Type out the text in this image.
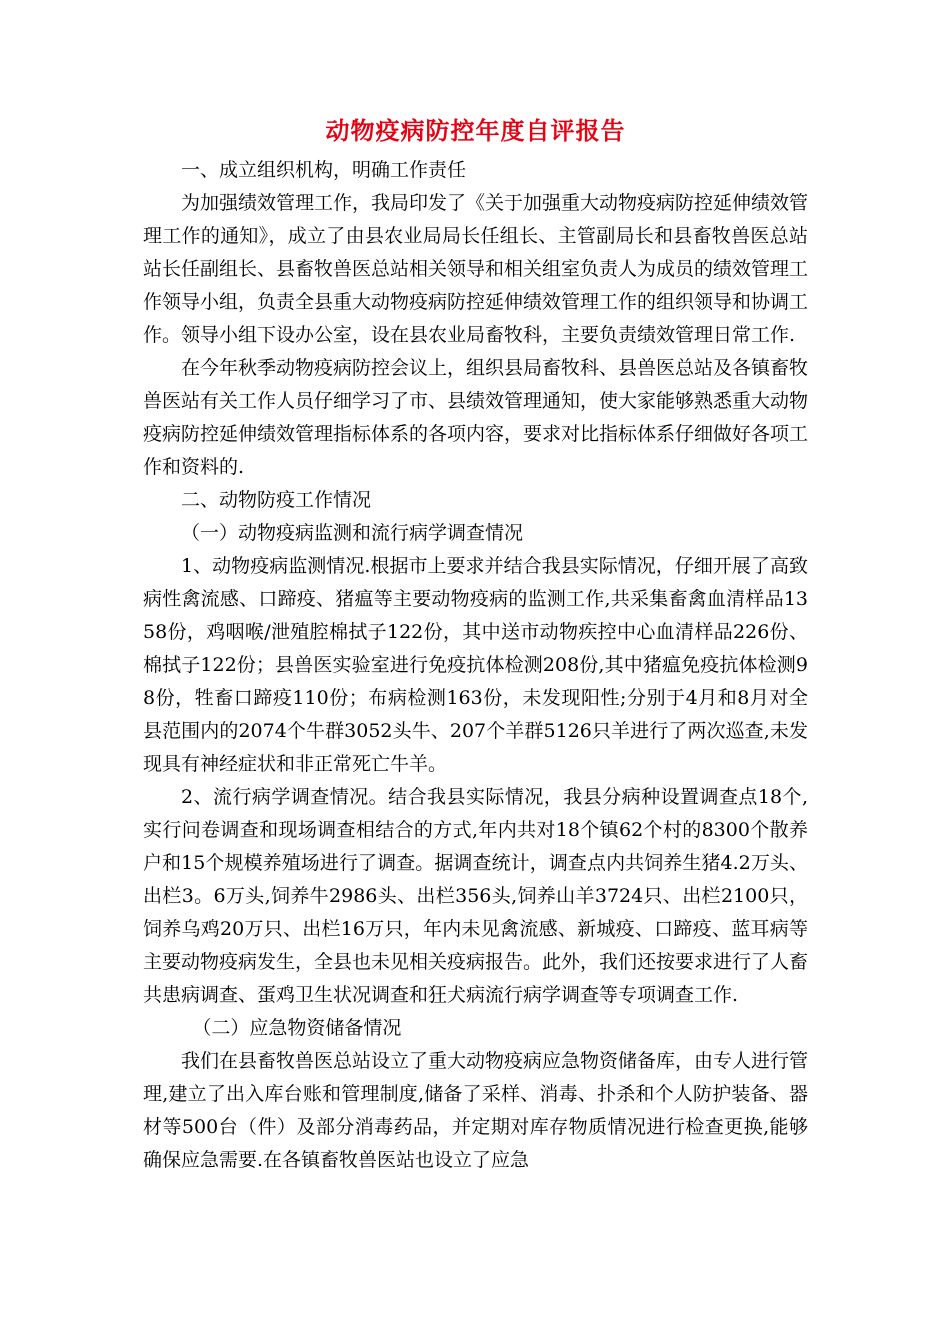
动物疫病防控年度自评报告

一、成立组织机构，明确工作责任

为加强绩效管理工作，我局印发了《关于加强重大动物疫病防控延伸绩效管理工作的通知》，成立了由县农业局局长任组长、主管副局长和县畜牧兽医总站站长任副组长、县畜牧兽医总站相关领导和相关组室负责人为成员的绩效管理工作领导小组，负责全县重大动物疫病防控延伸绩效管理工作的组织领导和协调工作。领导小组下设办公室，设在县农业局畜牧科，主要负责绩效管理日常工作.

在今年秋季动物疫病防控会议上，组织县局畜牧科、县兽医总站及各镇畜牧兽医站有关工作人员仔细学习了市、县绩效管理通知，使大家能够熟悉重大动物疫病防控延伸绩效管理指标体系的各项内容，要求对比指标体系仔细做好各项工作和资料的.

二、动物防疫工作情况

（一）动物疫病监测和流行病学调查情况

1、动物疫病监测情况.根据市上要求并结合我县实际情况，仔细开展了高致病性禽流感、口蹄疫、猪瘟等主要动物疫病的监测工作,共采集畜禽血清样品1358份，鸡咽喉/泄殖腔棉拭子122份，其中送市动物疾控中心血清样品226份、棉拭子122份；县兽医实验室进行免疫抗体检测208份,其中猪瘟免疫抗体检测98份，牲畜口蹄疫110份；布病检测163份，未发现阳性;分别于4月和8月对全县范围内的2074个牛群3052头牛、207个羊群5126只羊进行了两次巡查,未发现具有神经症状和非正常死亡牛羊。

2、流行病学调查情况。结合我县实际情况，我县分病种设置调查点18个,实行问卷调查和现场调查相结合的方式,年内共对18个镇62个村的8300个散养户和15个规模养殖场进行了调查。据调查统计，调查点内共饲养生猪4.2万头、出栏3。6万头,饲养牛2986头、出栏356头,饲养山羊3724只、出栏2100只，饲养乌鸡20万只、出栏16万只，年内未见禽流感、新城疫、口蹄疫、蓝耳病等主要动物疫病发生，全县也未见相关疫病报告。此外，我们还按要求进行了人畜共患病调查、蛋鸡卫生状况调查和狂犬病流行病学调查等专项调查工作.

（二）应急物资储备情况

我们在县畜牧兽医总站设立了重大动物疫病应急物资储备库，由专人进行管理,建立了出入库台账和管理制度,储备了采样、消毒、扑杀和个人防护装备、器材等500台（件）及部分消毒药品，并定期对库存物质情况进行检查更换,能够确保应急需要.在各镇畜牧兽医站也设立了应急
